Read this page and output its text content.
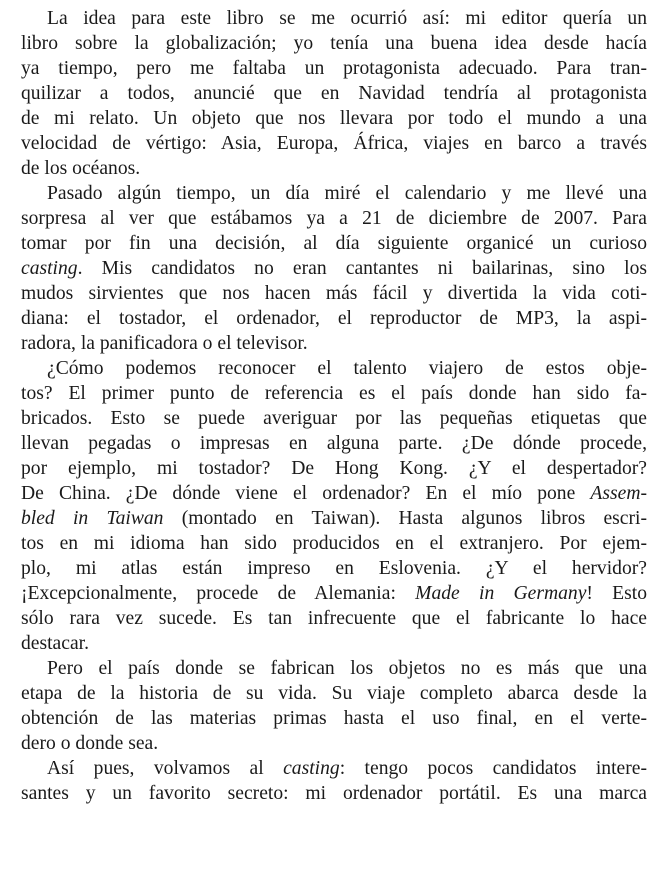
La idea para este libro se me ocurrió así: mi editor quería un
libro sobre la globalización; yo tenía una buena idea desde hacía
ya tiempo, pero me faltaba un protagonista adecuado. Para tran-
quilizar a todos, anuncié que en Navidad tendría al protagonista
de mi relato. Un objeto que nos llevara por todo el mundo a una
velocidad de vértigo: Asia, Europa, África, viajes en barco a través
de los océanos.
Pasado algún tiempo, un día miré el calendario y me llevé una
sorpresa al ver que estábamos ya a 21 de diciembre de 2007. Para
tomar por fin una decisión, al día siguiente organicé un curioso
casting. Mis candidatos no eran cantantes ni bailarinas, sino los
mudos sirvientes que nos hacen más fácil y divertida la vida coti-
diana: el tostador, el ordenador, el reproductor de MP3, la aspi-
radora, la panificadora o el televisor.
¿Cómo podemos reconocer el talento viajero de estos obje-
tos? El primer punto de referencia es el país donde han sido fa-
bricados. Esto se puede averiguar por las pequeñas etiquetas que
llevan pegadas o impresas en alguna parte. ¿De dónde procede,
por ejemplo, mi tostador? De Hong Kong. ¿Y el despertador?
De China. ¿De dónde viene el ordenador? En el mío pone Assem-
bled in Taiwan (montado en Taiwan). Hasta algunos libros escri-
tos en mi idioma han sido producidos en el extranjero. Por ejem-
plo, mi atlas están impreso en Eslovenia. ¿Y el hervidor?
¡Excepcionalmente, procede de Alemania: Made in Germany! Esto
sólo rara vez sucede. Es tan infrecuente que el fabricante lo hace
destacar.
Pero el país donde se fabrican los objetos no es más que una
etapa de la historia de su vida. Su viaje completo abarca desde la
obtención de las materias primas hasta el uso final, en el verte-
dero o donde sea.
Así pues, volvamos al casting: tengo pocos candidatos intere-
santes y un favorito secreto: mi ordenador portátil. Es una marca
